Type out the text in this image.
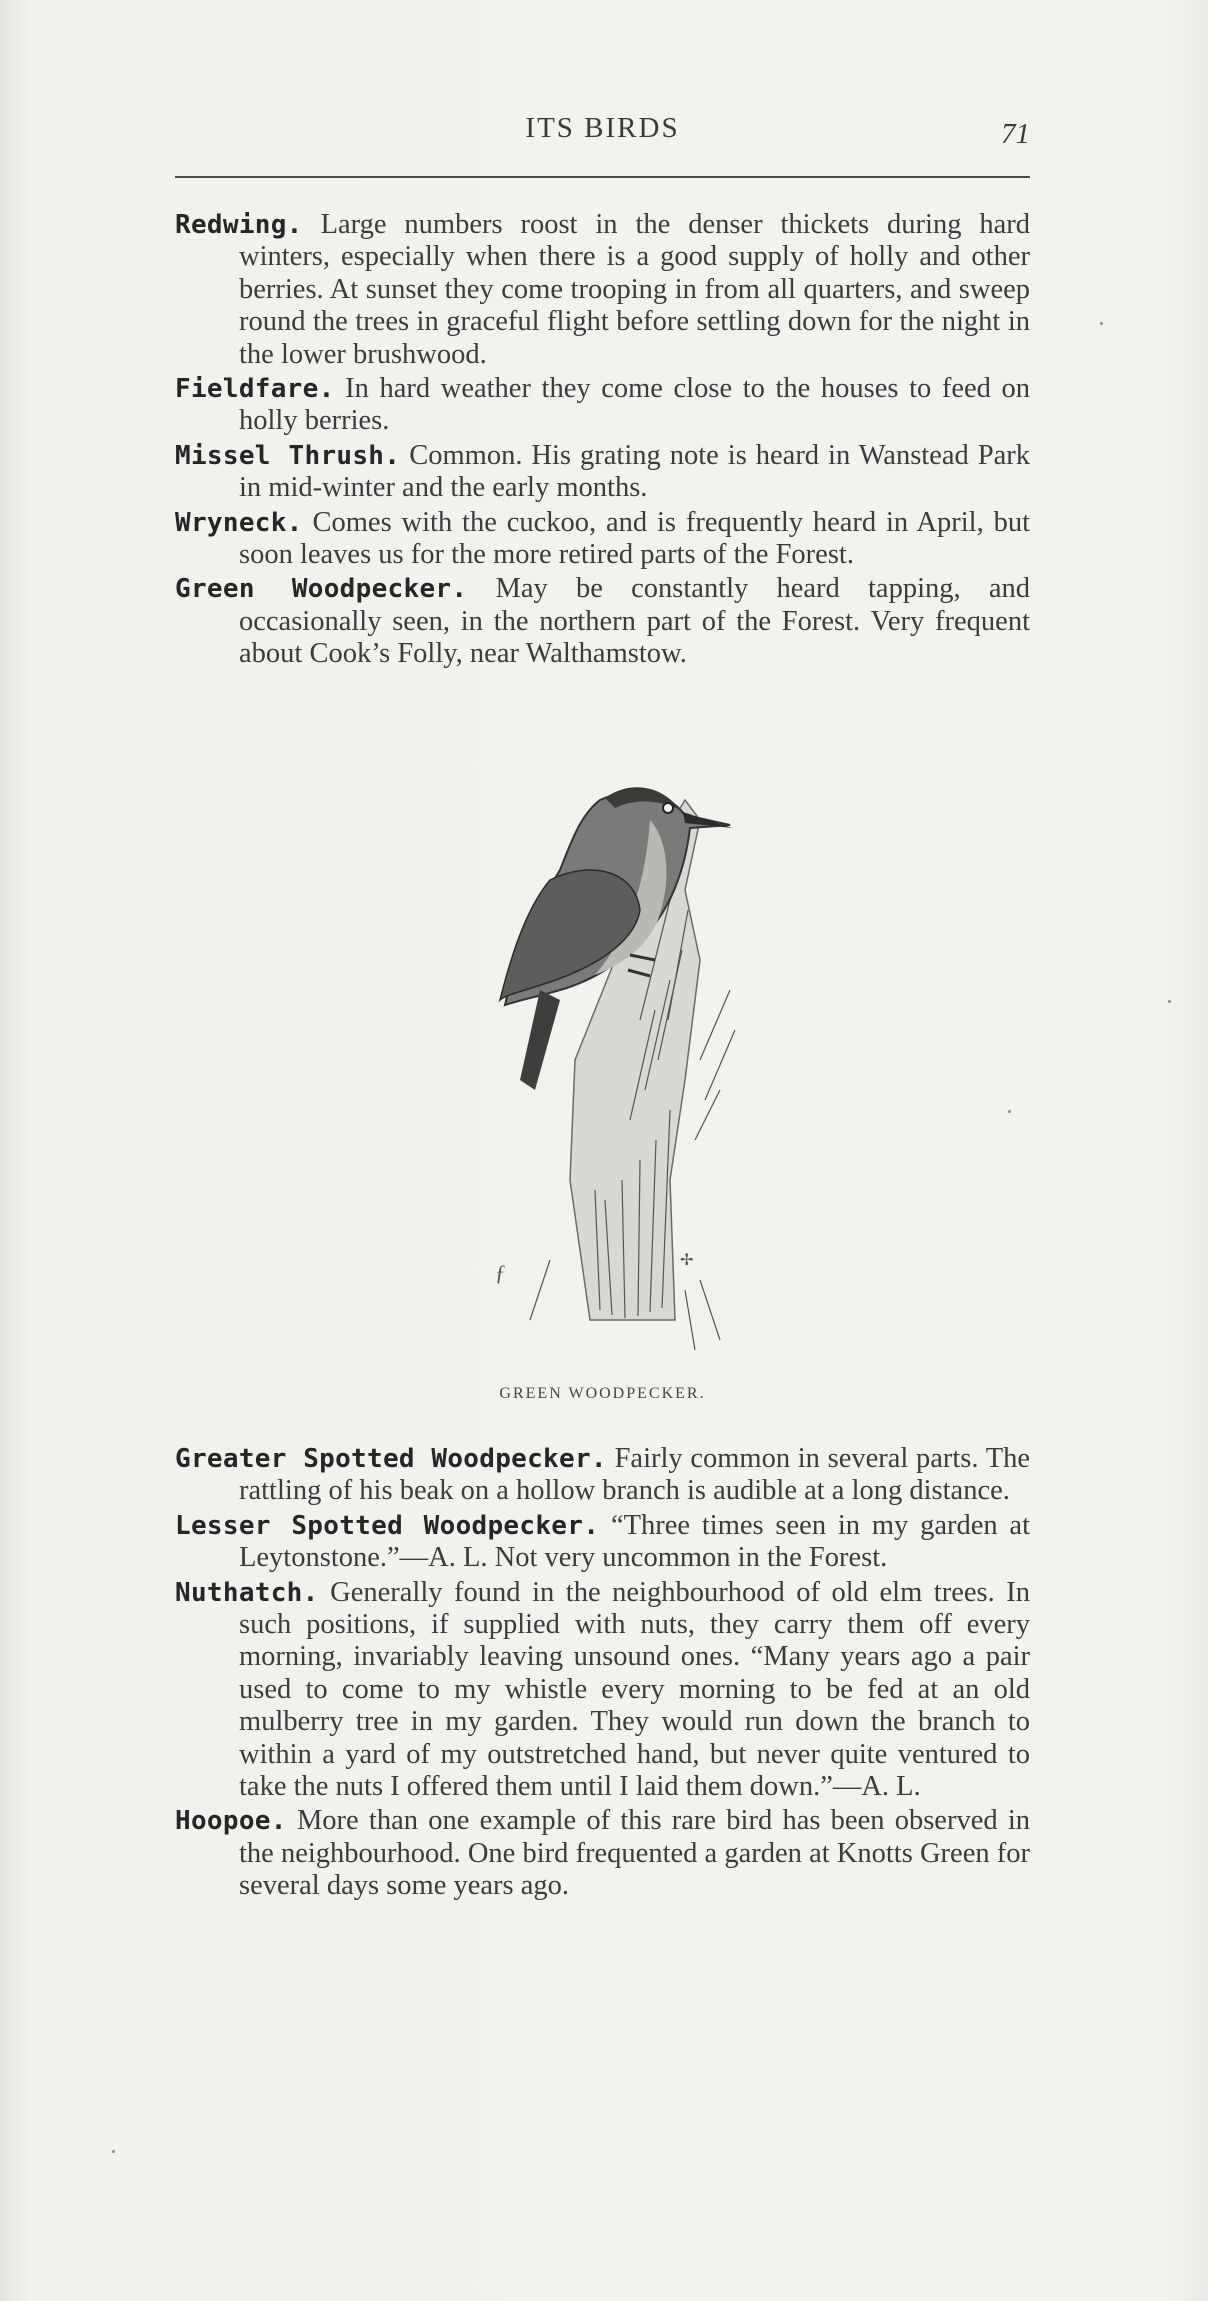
ITS BIRDS	71

Redwing. Large numbers roost in the denser thickets during hard winters, especially when there is a good supply of holly and other berries. At sunset they come trooping in from all quarters, and sweep round the trees in graceful flight before settling down for the night in the lower brushwood.

Fieldfare. In hard weather they come close to the houses to feed on holly berries.

Missel Thrush. Common. His grating note is heard in Wanstead Park in mid-winter and the early months.

Wryneck. Comes with the cuckoo, and is frequently heard in April, but soon leaves us for the more retired parts of the Forest.

Green Woodpecker. May be constantly heard tapping, and occasionally seen, in the northern part of the Forest. Very frequent about Cook’s Folly, near Walthamstow.

ƒ	✢
GREEN WOODPECKER.

Greater Spotted Woodpecker. Fairly common in several parts. The rattling of his beak on a hollow branch is audible at a long distance.

Lesser Spotted Woodpecker. “Three times seen in my garden at Leytonstone.”—A. L. Not very uncommon in the Forest.

Nuthatch. Generally found in the neighbourhood of old elm trees. In such positions, if supplied with nuts, they carry them off every morning, invariably leaving unsound ones. “Many years ago a pair used to come to my whistle every morning to be fed at an old mulberry tree in my garden. They would run down the branch to within a yard of my outstretched hand, but never quite ventured to take the nuts I offered them until I laid them down.”—A. L.

Hoopoe. More than one example of this rare bird has been observed in the neighbourhood. One bird frequented a garden at Knotts Green for several days some years ago.
